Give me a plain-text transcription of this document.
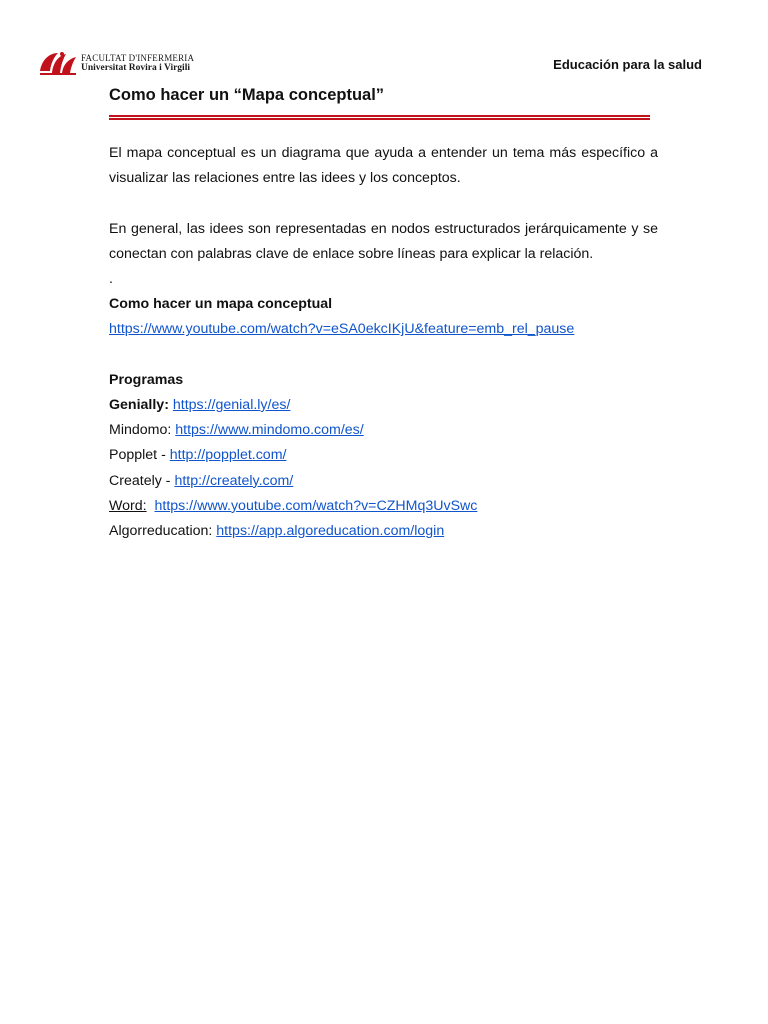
FACULTAT D'INFERMERIA
Universitat Rovira i Virgili	Educación para la salud
Como hacer un “Mapa conceptual”

El mapa conceptual es un diagrama que ayuda a entender un tema más específico a visualizar las relaciones entre las idees y los conceptos.

En general, las idees son representadas en nodos estructurados jerárquicamente y se conectan con palabras clave de enlace sobre líneas para explicar la relación.

.
Como hacer un mapa conceptual
https://www.youtube.com/watch?v=eSA0ekcIKjU&feature=emb_rel_pause
Programas
Genially: https://genial.ly/es/
Mindomo: https://www.mindomo.com/es/
Popplet - http://popplet.com/
Creately - http://creately.com/
Word: https://www.youtube.com/watch?v=CZHMq3UvSwc
Algorreducation: https://app.algoreducation.com/login
